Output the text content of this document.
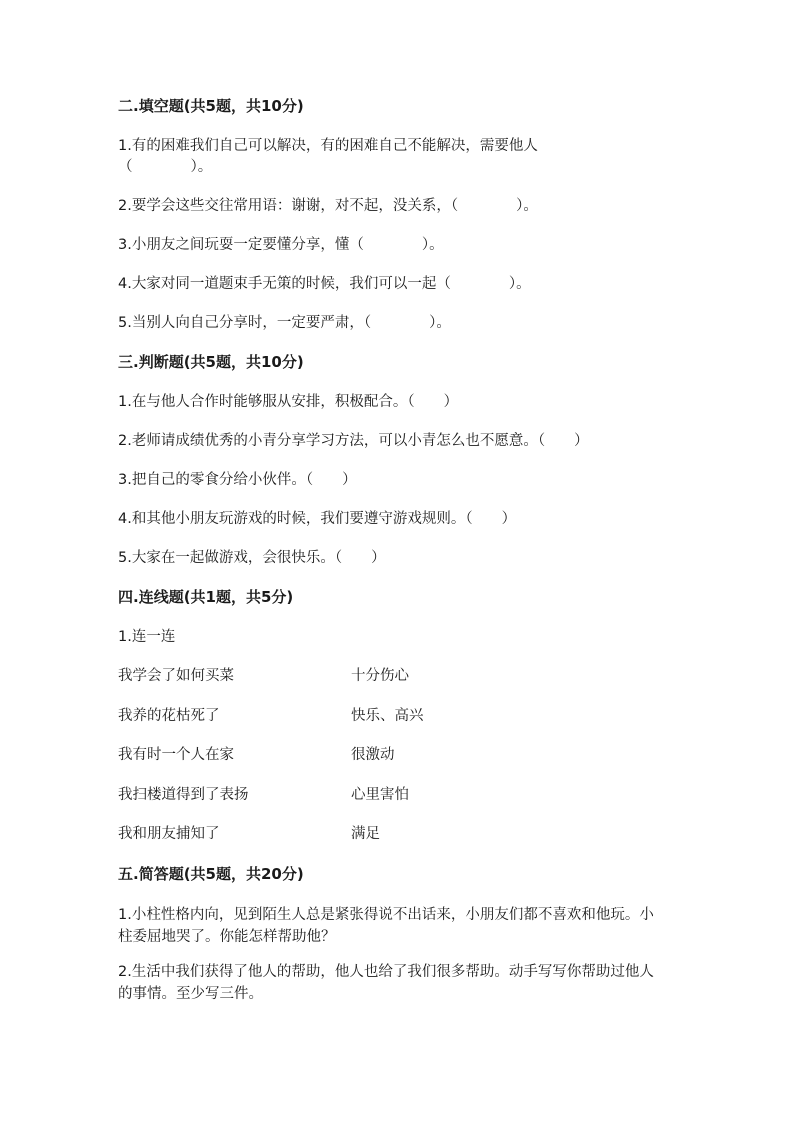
二.填空题(共5题，共10分)
1.有的困难我们自己可以解决，有的困难自己不能解决，需要他人
（　　　　）。
2.要学会这些交往常用语：谢谢，对不起，没关系，（　　　　）。
3.小朋友之间玩耍一定要懂分享，懂（　　　　）。
4.大家对同一道题束手无策的时候，我们可以一起（　　　　）。
5.当别人向自己分享时，一定要严肃，（　　　　）。
三.判断题(共5题，共10分)
1.在与他人合作时能够服从安排，积极配合。（　　）
2.老师请成绩优秀的小青分享学习方法，可以小青怎么也不愿意。（　　）
3.把自己的零食分给小伙伴。（　　）
4.和其他小朋友玩游戏的时候，我们要遵守游戏规则。（　　）
5.大家在一起做游戏，会很快乐。（　　）
四.连线题(共1题，共5分)
1.连一连
我学会了如何买菜	十分伤心
我养的花枯死了	快乐、高兴
我有时一个人在家	很激动
我扫楼道得到了表扬	心里害怕
我和朋友捕知了	满足
五.简答题(共5题，共20分)
1.小柱性格内向，见到陌生人总是紧张得说不出话来，小朋友们都不喜欢和他玩。小柱委屈地哭了。你能怎样帮助他？
2.生活中我们获得了他人的帮助，他人也给了我们很多帮助。动手写写你帮助过他人的事情。至少写三件。
